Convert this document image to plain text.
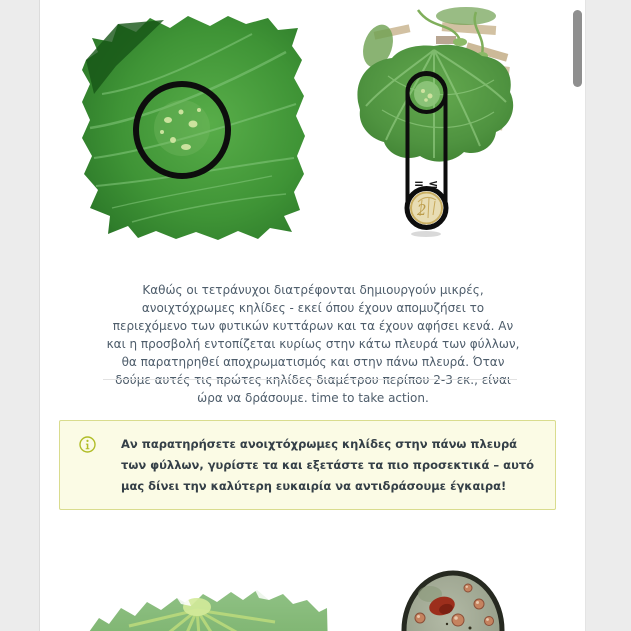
= ≤
2

Καθώς οι τετράνυχοι διατρέφονται δημιουργούν μικρές, ανοιχτόχρωμες κηλίδες - εκεί όπου έχουν απομυζήσει το περιεχόμενο των φυτικών κυττάρων και τα έχουν αφήσει κενά. Αν και η προσβολή εντοπίζεται κυρίως στην κάτω πλευρά των φύλλων, θα παρατηρηθεί αποχρωματισμός και στην πάνω πλευρά. Όταν δούμε αυτές τις πρώτες κηλίδες διαμέτρου περίπου 2-3 εκ., είναι ώρα να δράσουμε. time to take action.

Αν παρατηρήσετε ανοιχτόχρωμες κηλίδες στην πάνω πλευρά των φύλλων, γυρίστε τα και εξετάστε τα πιο προσεκτικά – αυτό μας δίνει την καλύτερη ευκαιρία να αντιδράσουμε έγκαιρα!
